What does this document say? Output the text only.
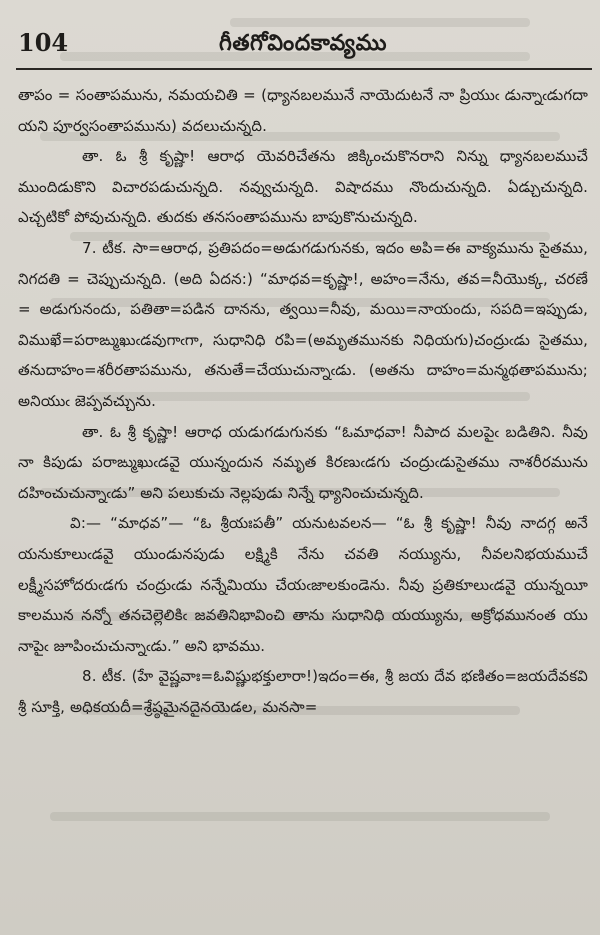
104	గీతగోవిందకావ్యము

తాపం = సంతాపమును, నమయచితి = (ధ్యానబలమునే నాయెదుటనే నా ప్రియుఁ డున్నాఁడుగదా యని పూర్వసంతాపమును) వదలుచున్నది.

తా. ఓ శ్రీ కృష్ణా! ఆరాధ యెవరిచేతను జిక్కించుకొనరాని నిన్ను ధ్యానబలముచే ముందిడుకొని విచారపడుచున్నది. నవ్వుచున్నది. విషాదము నొందుచున్నది. ఏడ్చుచున్నది. ఎచ్చటికో పోవుచున్నది. తుదకు తనసంతాపమును బాపుకొనుచున్నది.

7. టీక. సా=ఆరాధ, ప్రతిపదం=అడుగడుగునకు, ఇదం అపి=ఈ వాక్యమును సైతము, నిగదతి = చెప్పుచున్నది. (అది ఏదన:) “మాధవ=కృష్ణా!, అహం=నేను, తవ=నీయొక్క, చరణే = అడుగునందు, పతితా=పడిన దానను, త్వయి=నీవు, మయి=నాయందు, సపది=ఇప్పుడు, విముఖే=పరాఙ్ముఖుఁడవుగాఁగా, సుధానిధి రపి=(అమృతమునకు నిధియగు)చంద్రుఁడు సైతము, తనుదాహం=శరీరతాపమును, తనుతే=చేయుచున్నాఁడు. (అతను దాహం=మన్మథతాపమును; అనియుఁ జెప్పవచ్చును.

తా. ఓ శ్రీ కృష్ణా! ఆరాధ యడుగడుగునకు “ఓమాధవా! నీపాద మలపైఁ బడితిని. నీవు నా కిపుడు పరాఙ్ముఖుఁడవై యున్నందున నమృత కిరణుఁడగు చంద్రుఁడుసైతము నాశరీరమును దహించుచున్నాఁడు” అని పలుకుచు నెల్లపుడు నిన్నే ధ్యానించుచున్నది.

వి:— “మాధవ”— “ఓ శ్రీయఃపతీ” యనుటవలన— “ఓ శ్రీ కృష్ణా! నీవు నాదగ్గ ఱనే యనుకూలుఁడవై యుండునపుడు లక్ష్మికి నేను చవతి నయ్యును, నీవలనిభయముచే లక్ష్మీసహోదరుఁడగు చంద్రుఁడు నన్నేమియు చేయఁజాలకుండెను. నీవు ప్రతికూలుఁడవై యున్నయీ కాలమున నన్నో తనచెల్లెలికిఁ జవతినిభావించి తాను సుధానిధి యయ్యును, అక్రోధమునంత యు నాపైఁ జూపించుచున్నాఁడు.” అని భావము.

8. టీక. (హే వైష్ణవాః=ఓవిష్ణుభక్తులారా!)ఇదం=ఈ, శ్రీ జయ దేవ భణితం=జయదేవకవి శ్రీ సూక్తి, అధికయదీ=శ్రేష్ఠమైనదైనయెడల, మనసా=
